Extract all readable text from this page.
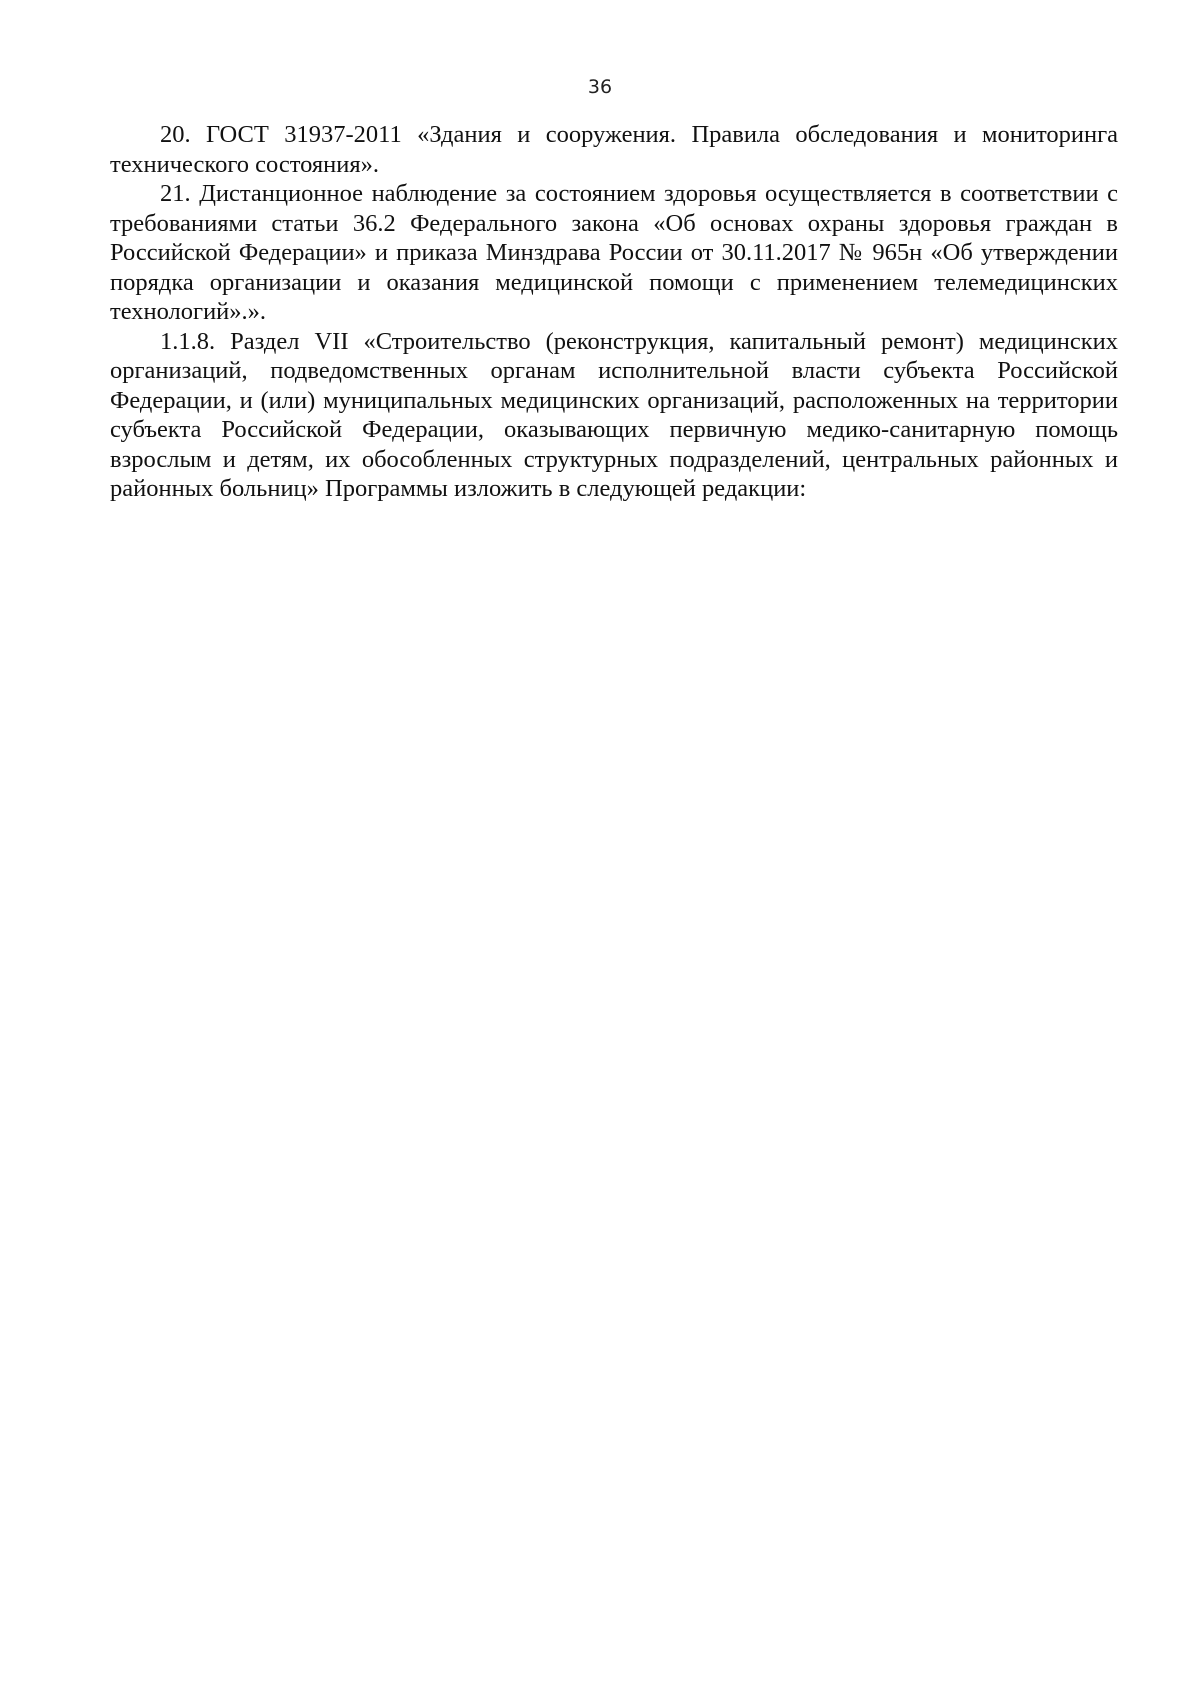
36

20. ГОСТ 31937-2011 «Здания и сооружения. Правила обследования и мониторинга технического состояния».

21. Дистанционное наблюдение за состоянием здоровья осуществляется в соответствии с требованиями статьи 36.2 Федерального закона «Об основах охраны здоровья граждан в Российской Федерации» и приказа Минздрава России от 30.11.2017 № 965н «Об утверждении порядка организации и оказания медицинской помощи с применением телемедицинских технологий».».

1.1.8. Раздел VII «Строительство (реконструкция, капитальный ремонт) медицинских организаций, подведомственных органам исполнительной власти субъекта Российской Федерации, и (или) муниципальных медицинских организаций, расположенных на территории субъекта Российской Федерации, оказывающих первичную медико-санитарную помощь взрослым и детям, их обособленных структурных подразделений, центральных районных и районных больниц» Программы изложить в следующей редакции:
